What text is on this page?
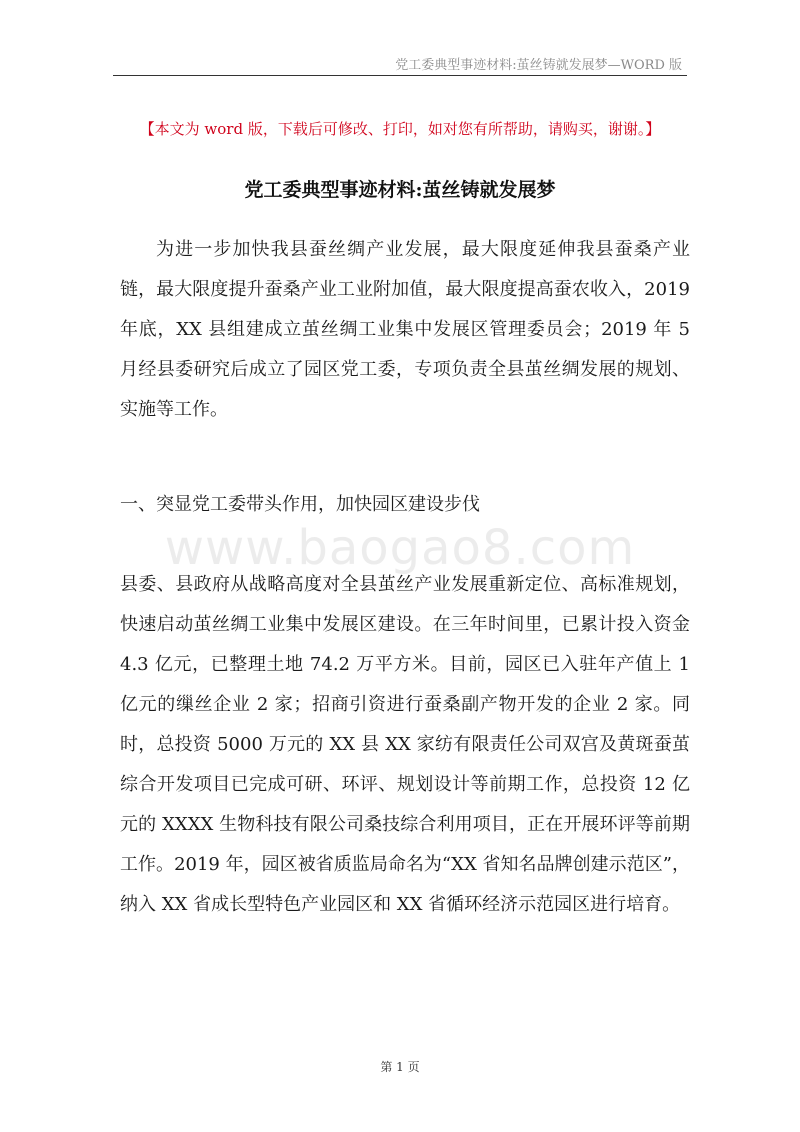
党工委典型事迹材料:茧丝铸就发展梦—WORD 版
【本文为 word 版，下载后可修改、打印，如对您有所帮助，请购买，谢谢。】
党工委典型事迹材料:茧丝铸就发展梦

为进一步加快我县蚕丝绸产业发展，最大限度延伸我县蚕桑产业链，最大限度提升蚕桑产业工业附加值，最大限度提高蚕农收入，2019 年底，XX 县组建成立茧丝绸工业集中发展区管理委员会；2019 年 5 月经县委研究后成立了园区党工委，专项负责全县茧丝绸发展的规划、实施等工作。

一、突显党工委带头作用，加快园区建设步伐
www.baogao8.com

县委、县政府从战略高度对全县茧丝产业发展重新定位、高标准规划，快速启动茧丝绸工业集中发展区建设。在三年时间里，已累计投入资金 4.3 亿元，已整理土地 74.2 万平方米。目前，园区已入驻年产值上 1 亿元的缫丝企业 2 家；招商引资进行蚕桑副产物开发的企业 2 家。同时，总投资 5000 万元的 XX 县 XX 家纺有限责任公司双宫及黄斑蚕茧综合开发项目已完成可研、环评、规划设计等前期工作，总投资 12 亿元的 XXXX 生物科技有限公司桑技综合利用项目，正在开展环评等前期工作。2019 年，园区被省质监局命名为“XX 省知名品牌创建示范区”，纳入 XX 省成长型特色产业园区和 XX 省循环经济示范园区进行培育。

第 1 页
